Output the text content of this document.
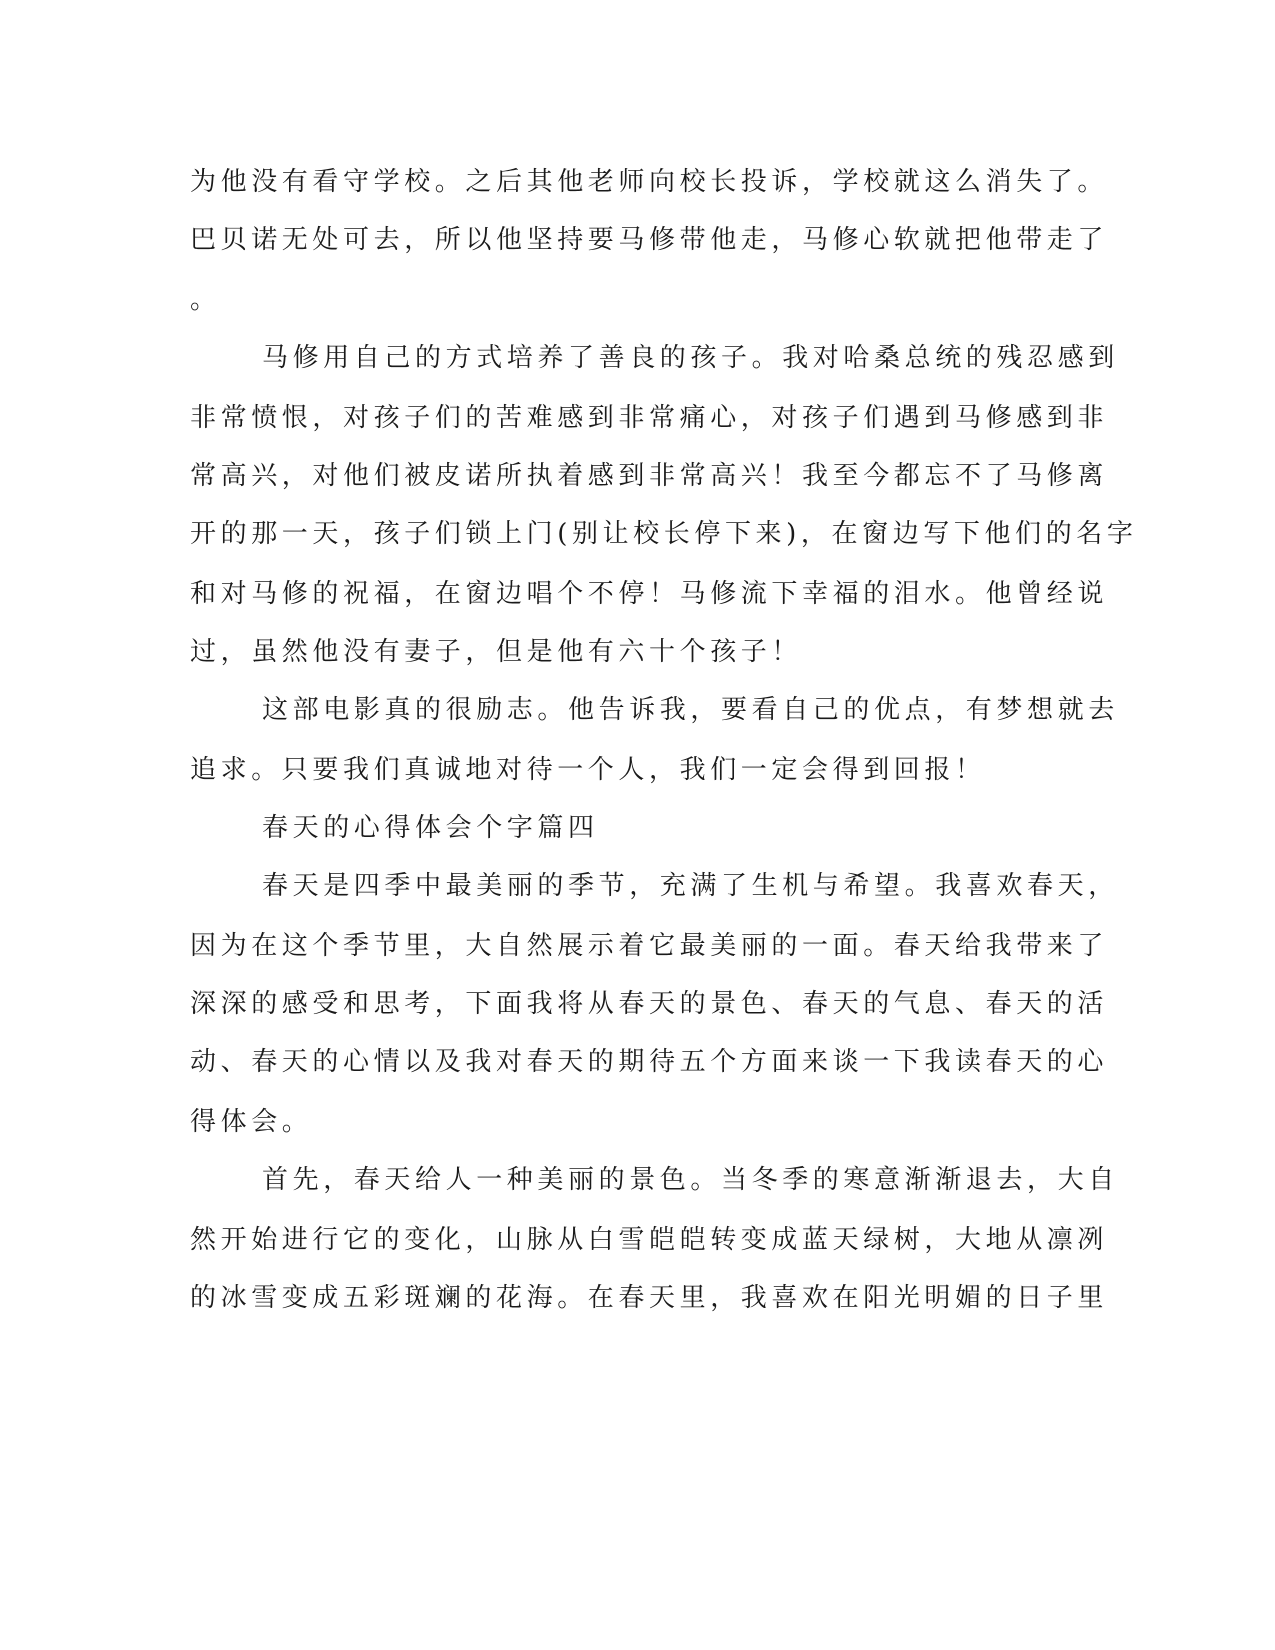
为他没有看守学校。之后其他老师向校长投诉，学校就这么消失了。
巴贝诺无处可去，所以他坚持要马修带他走，马修心软就把他带走了
。
马修用自己的方式培养了善良的孩子。我对哈桑总统的残忍感到
非常愤恨，对孩子们的苦难感到非常痛心，对孩子们遇到马修感到非
常高兴，对他们被皮诺所执着感到非常高兴！我至今都忘不了马修离
开的那一天，孩子们锁上门(别让校长停下来)，在窗边写下他们的名字
和对马修的祝福，在窗边唱个不停！马修流下幸福的泪水。他曾经说
过，虽然他没有妻子，但是他有六十个孩子！
这部电影真的很励志。他告诉我，要看自己的优点，有梦想就去
追求。只要我们真诚地对待一个人，我们一定会得到回报！
春天的心得体会个字篇四
春天是四季中最美丽的季节，充满了生机与希望。我喜欢春天，
因为在这个季节里，大自然展示着它最美丽的一面。春天给我带来了
深深的感受和思考，下面我将从春天的景色、春天的气息、春天的活
动、春天的心情以及我对春天的期待五个方面来谈一下我读春天的心
得体会。
首先，春天给人一种美丽的景色。当冬季的寒意渐渐退去，大自
然开始进行它的变化，山脉从白雪皑皑转变成蓝天绿树，大地从凛冽
的冰雪变成五彩斑斓的花海。在春天里，我喜欢在阳光明媚的日子里
